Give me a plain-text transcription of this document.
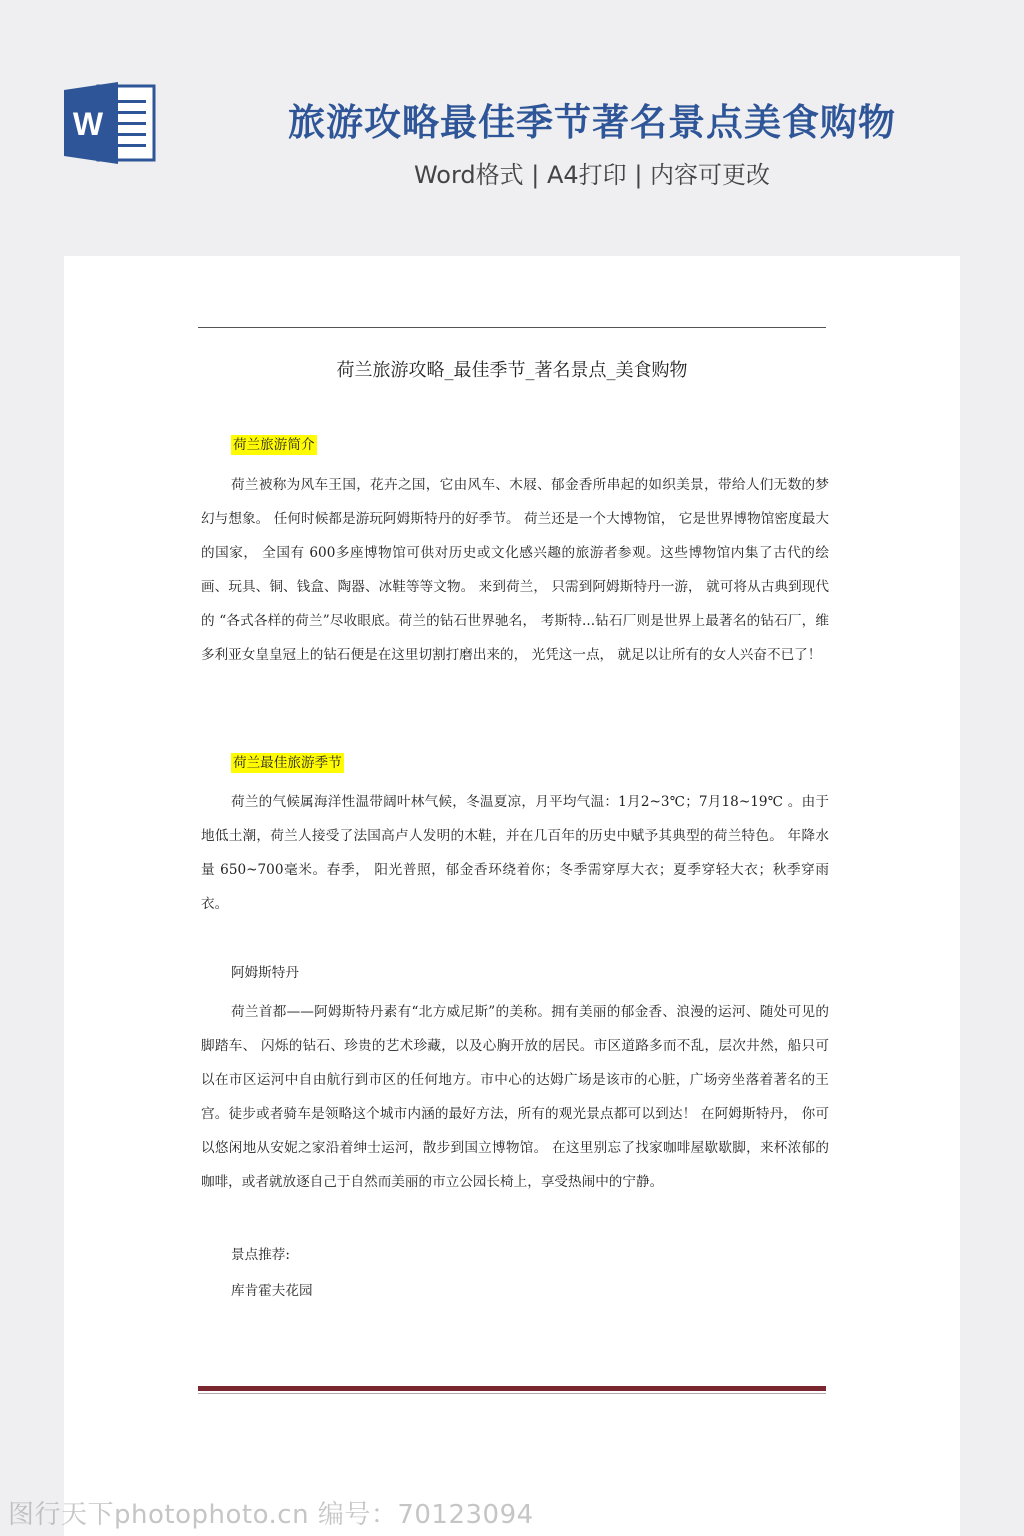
W	旅游攻略最佳季节著名景点美食购物
Word格式 | A4打印 | 内容可更改
荷兰旅游攻略_最佳季节_著名景点_美食购物
荷兰旅游简介

荷兰被称为风车王国，花卉之国，它由风车、木屐、郁金香所串起的如织美景，带给人们无数的梦幻与想象。 任何时候都是游玩阿姆斯特丹的好季节。 荷兰还是一个大博物馆， 它是世界博物馆密度最大的国家， 全国有 600多座博物馆可供对历史或文化感兴趣的旅游者参观。这些博物馆内集了古代的绘画、玩具、铜、钱盒、陶器、冰鞋等等文物。 来到荷兰， 只需到阿姆斯特丹一游， 就可将从古典到现代的 “各式各样的荷兰”尽收眼底。荷兰的钻石世界驰名， 考斯特...钻石厂则是世界上最著名的钻石厂，维多利亚女皇皇冠上的钻石便是在这里切割打磨出来的， 光凭这一点， 就足以让所有的女人兴奋不已了！

荷兰最佳旅游季节

荷兰的气候属海洋性温带阔叶林气候，冬温夏凉，月平均气温：1月2~3℃；7月18~19℃ 。由于地低土潮，荷兰人接受了法国高卢人发明的木鞋，并在几百年的历史中赋予其典型的荷兰特色。 年降水量 650~700毫米。春季， 阳光普照，郁金香环绕着你；冬季需穿厚大衣；夏季穿轻大衣；秋季穿雨衣。

阿姆斯特丹

荷兰首都——阿姆斯特丹素有“北方威尼斯”的美称。拥有美丽的郁金香、浪漫的运河、随处可见的脚踏车、 闪烁的钻石、珍贵的艺术珍藏，以及心胸开放的居民。市区道路多而不乱，层次井然，船只可以在市区运河中自由航行到市区的任何地方。市中心的达姆广场是该市的心脏，广场旁坐落着著名的王宫。徒步或者骑车是领略这个城市内涵的最好方法，所有的观光景点都可以到达！ 在阿姆斯特丹， 你可以悠闲地从安妮之家沿着绅士运河，散步到国立博物馆。 在这里别忘了找家咖啡屋歇歇脚，来杯浓郁的咖啡，或者就放逐自己于自然而美丽的市立公园长椅上，享受热闹中的宁静。

景点推荐:
库肯霍夫花园
图行天下photophoto.cn 编号：70123094
